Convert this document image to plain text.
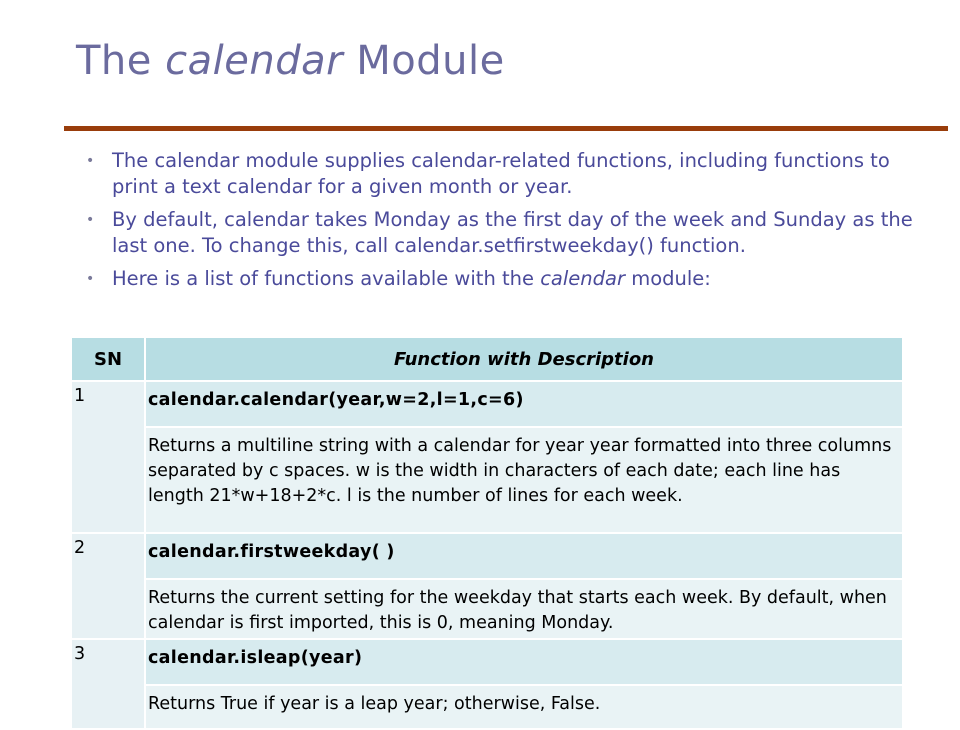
The calendar Module
• The calendar module supplies calendar-related functions, including functions to print a text calendar for a given month or year.
• By default, calendar takes Monday as the first day of the week and Sunday as the last one. To change this, call calendar.setfirstweekday() function.
• Here is a list of functions available with the calendar module:
SN	Function with Description
1	calendar.calendar(year,w=2,l=1,c=6)
	Returns a multiline string with a calendar for year year formatted into three columns separated by c spaces. w is the width in characters of each date; each line has length 21*w+18+2*c. l is the number of lines for each week.
2	calendar.firstweekday( )
	Returns the current setting for the weekday that starts each week. By default, when calendar is first imported, this is 0, meaning Monday.
3	calendar.isleap(year)
	Returns True if year is a leap year; otherwise, False.
